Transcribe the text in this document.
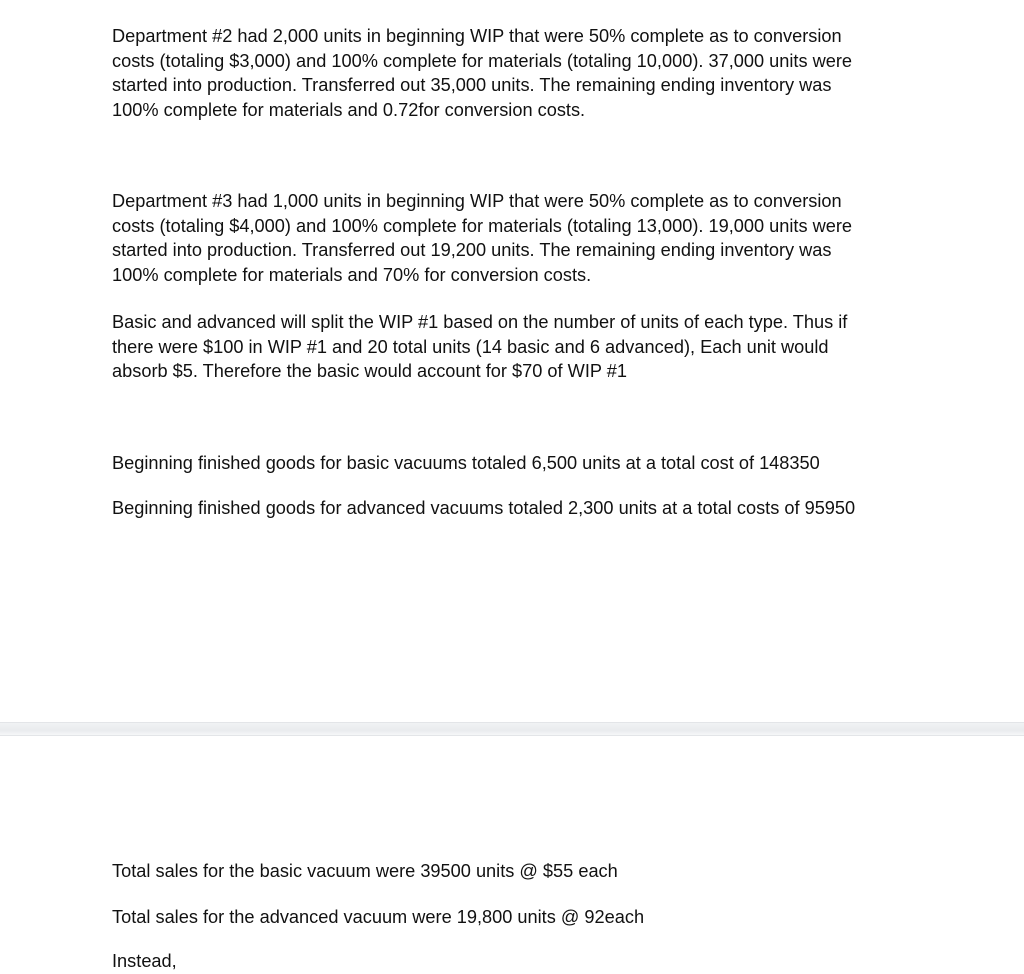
Department #2 had 2,000 units in beginning WIP that were 50% complete as to conversion
costs (totaling $3,000) and 100% complete for materials (totaling 10,000). 37,000 units were
started into production. Transferred out 35,000 units. The remaining ending inventory was
100% complete for materials and 0.72for conversion costs.

Department #3 had 1,000 units in beginning WIP that were 50% complete as to conversion
costs (totaling $4,000) and 100% complete for materials (totaling 13,000). 19,000 units were
started into production. Transferred out 19,200 units. The remaining ending inventory was
100% complete for materials and 70% for conversion costs.

Basic and advanced will split the WIP #1 based on the number of units of each type. Thus if
there were $100 in WIP #1 and 20 total units (14 basic and 6 advanced), Each unit would
absorb $5. Therefore the basic would account for $70 of WIP #1

Beginning finished goods for basic vacuums totaled 6,500 units at a total cost of 148350

Beginning finished goods for advanced vacuums totaled 2,300 units at a total costs of 95950

Total sales for the basic vacuum were 39500 units @ $55 each

Total sales for the advanced vacuum were 19,800 units @ 92each

Instead,
